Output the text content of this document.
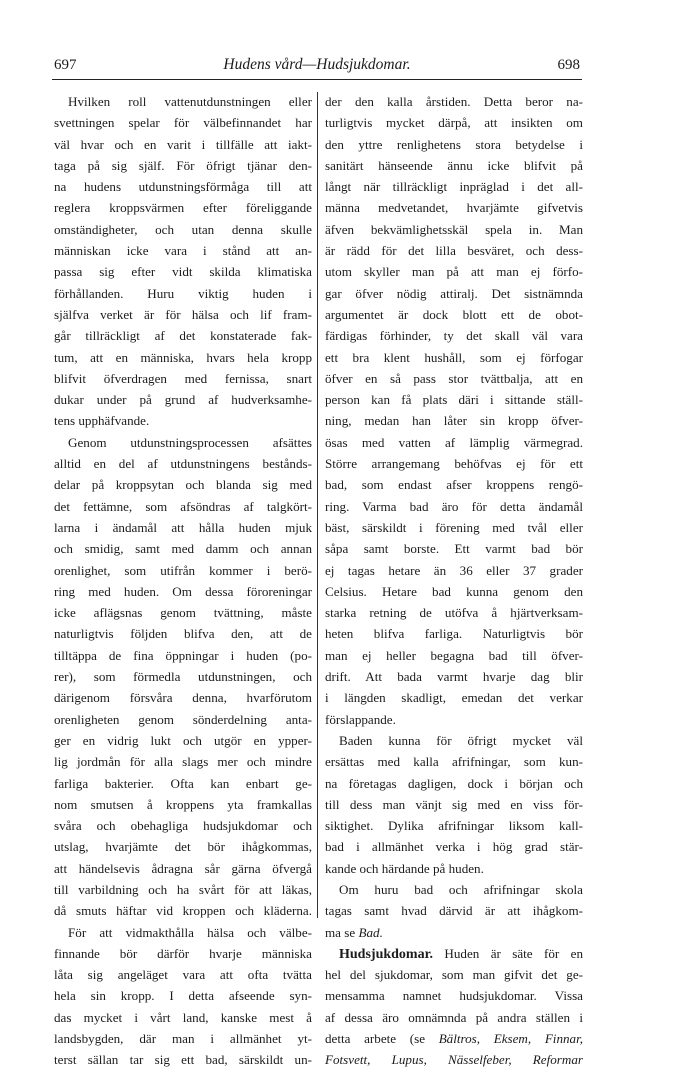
697	Hudens vård—Hudsjukdomar.	698
Hvilken roll vattenutdunstningen eller
svettningen spelar för välbefinnandet har
väl hvar och en varit i tillfälle att iakt-
taga på sig själf. För öfrigt tjänar den-
na hudens utdunstningsförmåga till att
reglera kroppsvärmen efter föreliggande
omständigheter, och utan denna skulle
människan icke vara i stånd att an-
passa sig efter vidt skilda klimatiska
förhållanden. Huru viktig huden i
själfva verket är för hälsa och lif fram-
går tillräckligt af det konstaterade fak-
tum, att en människa, hvars hela kropp
blifvit öfverdragen med fernissa, snart
dukar under på grund af hudverksamhe-
tens upphäfvande.
Genom utdunstningsprocessen afsättes
alltid en del af utdunstningens bestånds-
delar på kroppsytan och blanda sig med
det fettämne, som afsöndras af talgkört-
larna i ändamål att hålla huden mjuk
och smidig, samt med damm och annan
orenlighet, som utifrån kommer i berö-
ring med huden. Om dessa föroreningar
icke aflägsnas genom tvättning, måste
naturligtvis följden blifva den, att de
tilltäppa de fina öppningar i huden (po-
rer), som förmedla utdunstningen, och
därigenom försvåra denna, hvarförutom
orenligheten genom sönderdelning anta-
ger en vidrig lukt och utgör en ypper-
lig jordmån för alla slags mer och mindre
farliga bakterier. Ofta kan enbart ge-
nom smutsen å kroppens yta framkallas
svåra och obehagliga hudsjukdomar och
utslag, hvarjämte det bör ihågkommas,
att händelsevis ådragna sår gärna öfvergå
till varbildning och ha svårt för att läkas,
då smuts häftar vid kroppen och kläderna.
För att vidmakthålla hälsa och välbe-
finnande bör därför hvarje människa
låta sig angeläget vara att ofta tvätta
hela sin kropp. I detta afseende syn-
das mycket i vårt land, kanske mest å
landsbygden, där man i allmänhet yt-
terst sällan tar sig ett bad, särskildt un-
der den kalla årstiden. Detta beror na-
turligtvis mycket därpå, att insikten om
den yttre renlighetens stora betydelse i
sanitärt hänseende ännu icke blifvit på
långt när tillräckligt inpräglad i det all-
männa medvetandet, hvarjämte gifvetvis
äfven bekvämlighetsskäl spela in. Man
är rädd för det lilla besväret, och dess-
utom skyller man på att man ej förfo-
gar öfver nödig attiralj. Det sistnämnda
argumentet är dock blott ett de obot-
färdigas förhinder, ty det skall väl vara
ett bra klent hushåll, som ej förfogar
öfver en så pass stor tvättbalja, att en
person kan få plats däri i sittande ställ-
ning, medan han låter sin kropp öfver-
ösas med vatten af lämplig värmegrad.
Större arrangemang behöfvas ej för ett
bad, som endast afser kroppens rengö-
ring. Varma bad äro för detta ändamål
bäst, särskildt i förening med tvål eller
såpa samt borste. Ett varmt bad bör
ej tagas hetare än 36 eller 37 grader
Celsius. Hetare bad kunna genom den
starka retning de utöfva å hjärtverksam-
heten blifva farliga. Naturligtvis bör
man ej heller begagna bad till öfver-
drift. Att bada varmt hvarje dag blir
i längden skadligt, emedan det verkar
förslappande.
Baden kunna för öfrigt mycket väl
ersättas med kalla afrifningar, som kun-
na företagas dagligen, dock i början och
till dess man vänjt sig med en viss för-
siktighet. Dylika afrifningar liksom kall-
bad i allmänhet verka i hög grad stär-
kande och härdande på huden.
Om huru bad och afrifningar skola
tagas samt hvad därvid är att ihågkom-
ma se Bad.
Hudsjukdomar. Huden är säte för en
hel del sjukdomar, som man gifvit det ge-
mensamma namnet hudsjukdomar. Vissa
af dessa äro omnämnda på andra ställen i
detta arbete (se Bältros, Eksem, Finnar,
Fotsvett, Lupus, Nässelfeber, Reformar
